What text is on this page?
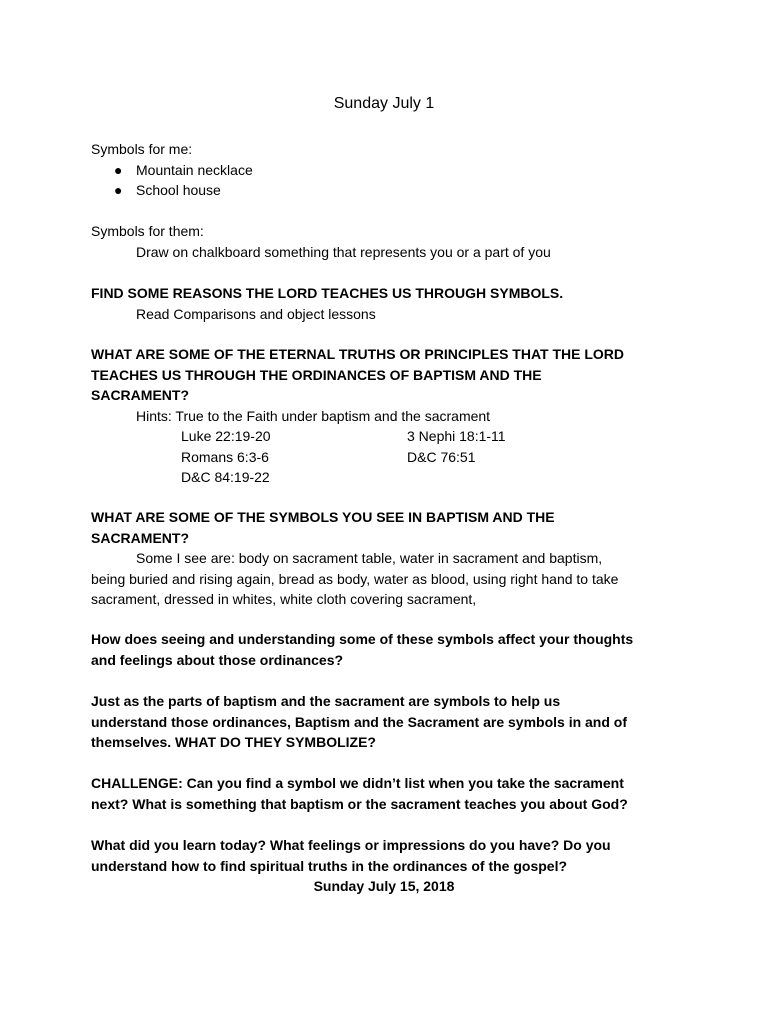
Sunday July 1
Symbols for me:
● Mountain necklace
● School house
Symbols for them:
Draw on chalkboard something that represents you or a part of you
FIND SOME REASONS THE LORD TEACHES US THROUGH SYMBOLS.
Read Comparisons and object lessons
WHAT ARE SOME OF THE ETERNAL TRUTHS OR PRINCIPLES THAT THE LORD
TEACHES US THROUGH THE ORDINANCES OF BAPTISM AND THE
SACRAMENT?
Hints: True to the Faith under baptism and the sacrament
Luke 22:19-20	3 Nephi 18:1-11
Romans 6:3-6	D&C 76:51
D&C 84:19-22
WHAT ARE SOME OF THE SYMBOLS YOU SEE IN BAPTISM AND THE
SACRAMENT?
Some I see are: body on sacrament table, water in sacrament and baptism,
being buried and rising again, bread as body, water as blood, using right hand to take
sacrament, dressed in whites, white cloth covering sacrament,
How does seeing and understanding some of these symbols affect your thoughts
and feelings about those ordinances?
Just as the parts of baptism and the sacrament are symbols to help us
understand those ordinances, Baptism and the Sacrament are symbols in and of
themselves. WHAT DO THEY SYMBOLIZE?
CHALLENGE: Can you find a symbol we didn’t list when you take the sacrament
next? What is something that baptism or the sacrament teaches you about God?
What did you learn today? What feelings or impressions do you have? Do you
understand how to find spiritual truths in the ordinances of the gospel?
Sunday July 15, 2018
